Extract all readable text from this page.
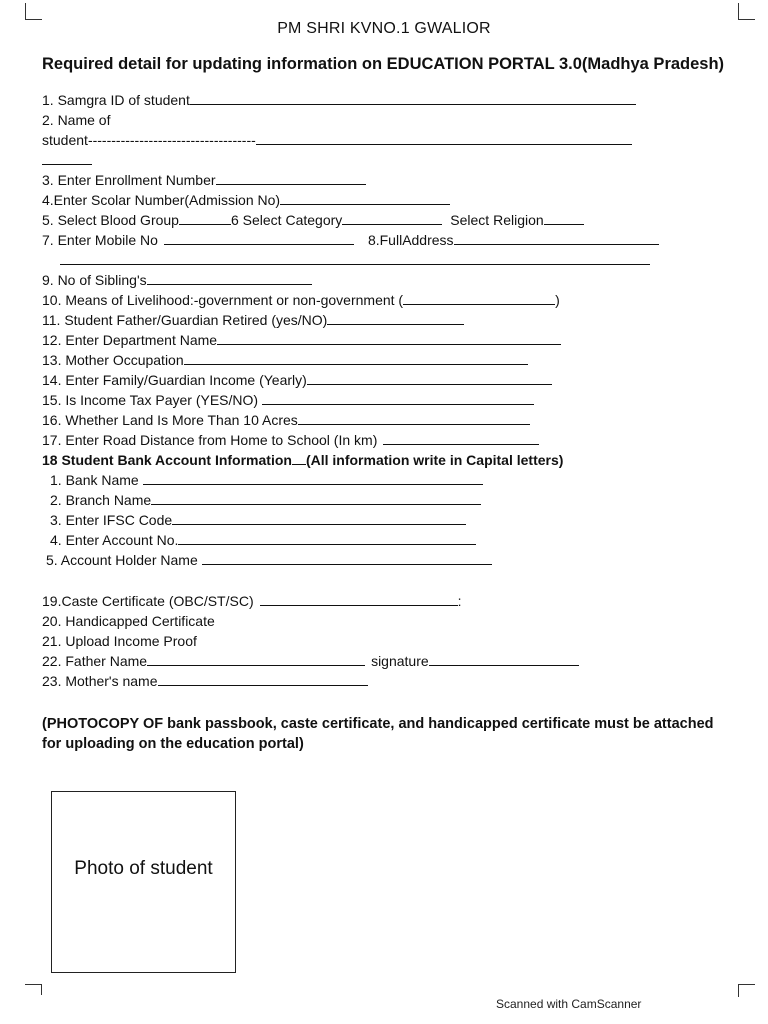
PM SHRI KVNO.1 GWALIOR
Required detail for updating information on EDUCATION PORTAL 3.0(Madhya Pradesh)
1. Samgra ID of student
2. Name of
student------------------------------------
3. Enter Enrollment Number
4.Enter Scolar Number(Admission No)
5. Select Blood Group	6 Select Category	Select Religion
7. Enter Mobile No	8.FullAddress
9. No of Sibling's
10. Means of Livelihood:-government or non-government (	)
11. Student Father/Guardian Retired (yes/NO)
12. Enter Department Name
13. Mother Occupation
14. Enter Family/Guardian Income (Yearly)
15. Is Income Tax Payer (YES/NO)
16. Whether Land Is More Than 10 Acres
17. Enter Road Distance from Home to School (In km)
18 Student Bank Account Information (All information write in Capital letters)
1. Bank Name
2. Branch Name
3. Enter IFSC Code
4. Enter Account No.
5. Account Holder Name
19.Caste Certificate (OBC/ST/SC)	:
20. Handicapped Certificate
21. Upload Income Proof
22. Father Name	signature
23. Mother's name
(PHOTOCOPY OF bank passbook, caste certificate, and handicapped certificate must be attached for uploading on the education portal)
Photo of student
Scanned with CamScanner
